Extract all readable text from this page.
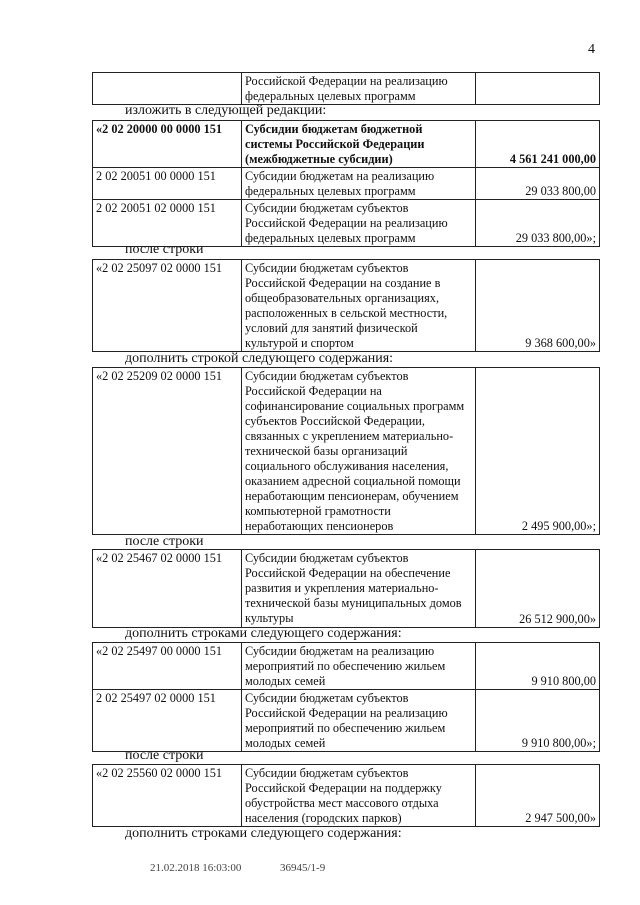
4
	Российской Федерации на реализацию
федеральных целевых программ	
изложить в следующей редакции:
«2 02 20000 00 0000 151	Субсидии бюджетам бюджетной
системы Российской Федерации
(межбюджетные субсидии)	4 561 241 000,00
2 02 20051 00 0000 151	Субсидии бюджетам на реализацию
федеральных целевых программ	29 033 800,00
2 02 20051 02 0000 151	Субсидии бюджетам субъектов
Российской Федерации на реализацию
федеральных целевых программ	29 033 800,00»;
после строки
«2 02 25097 02 0000 151	Субсидии бюджетам субъектов
Российской Федерации на создание в
общеобразовательных организациях,
расположенных в сельской местности,
условий для занятий физической
культурой и спортом	9 368 600,00»
дополнить строкой следующего содержания:
«2 02 25209 02 0000 151	Субсидии бюджетам субъектов
Российской Федерации на
софинансирование социальных программ
субъектов Российской Федерации,
связанных с укреплением материально-
технической базы организаций
социального обслуживания населения,
оказанием адресной социальной помощи
неработающим пенсионерам, обучением
компьютерной грамотности
неработающих пенсионеров	2 495 900,00»;
после строки
«2 02 25467 02 0000 151	Субсидии бюджетам субъектов
Российской Федерации на обеспечение
развития и укрепления материально-
технической базы муниципальных домов
культуры	26 512 900,00»
дополнить строками следующего содержания:
«2 02 25497 00 0000 151	Субсидии бюджетам на реализацию
мероприятий по обеспечению жильем
молодых семей	9 910 800,00
2 02 25497 02 0000 151	Субсидии бюджетам субъектов
Российской Федерации на реализацию
мероприятий по обеспечению жильем
молодых семей	9 910 800,00»;
после строки
«2 02 25560 02 0000 151	Субсидии бюджетам субъектов
Российской Федерации на поддержку
обустройства мест массового отдыха
населения (городских парков)	2 947 500,00»
дополнить строками следующего содержания:
21.02.2018 16:03:00	36945/1-9
